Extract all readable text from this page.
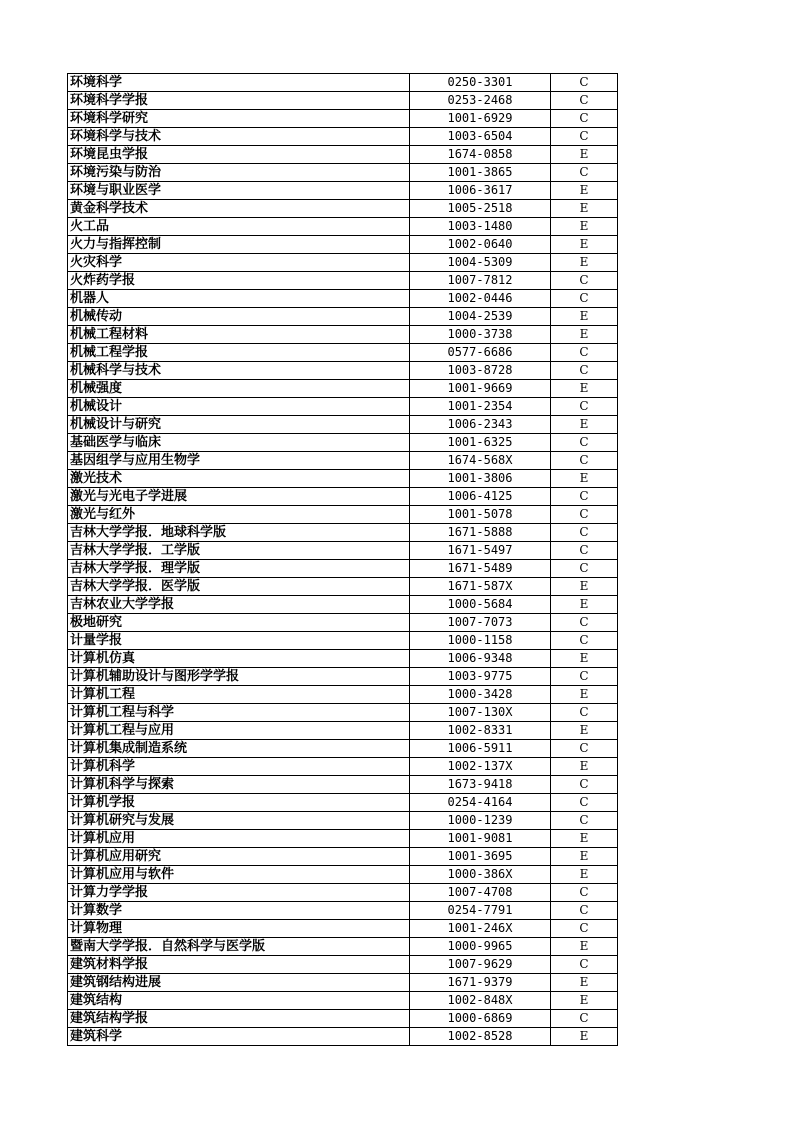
环境科学	0250-3301	C
环境科学学报	0253-2468	C
环境科学研究	1001-6929	C
环境科学与技术	1003-6504	C
环境昆虫学报	1674-0858	E
环境污染与防治	1001-3865	C
环境与职业医学	1006-3617	E
黄金科学技术	1005-2518	E
火工品	1003-1480	E
火力与指挥控制	1002-0640	E
火灾科学	1004-5309	E
火炸药学报	1007-7812	C
机器人	1002-0446	C
机械传动	1004-2539	E
机械工程材料	1000-3738	E
机械工程学报	0577-6686	C
机械科学与技术	1003-8728	C
机械强度	1001-9669	E
机械设计	1001-2354	C
机械设计与研究	1006-2343	E
基础医学与临床	1001-6325	C
基因组学与应用生物学	1674-568X	C
激光技术	1001-3806	E
激光与光电子学进展	1006-4125	C
激光与红外	1001-5078	C
吉林大学学报．地球科学版	1671-5888	C
吉林大学学报．工学版	1671-5497	C
吉林大学学报．理学版	1671-5489	C
吉林大学学报．医学版	1671-587X	E
吉林农业大学学报	1000-5684	E
极地研究	1007-7073	C
计量学报	1000-1158	C
计算机仿真	1006-9348	E
计算机辅助设计与图形学学报	1003-9775	C
计算机工程	1000-3428	E
计算机工程与科学	1007-130X	C
计算机工程与应用	1002-8331	E
计算机集成制造系统	1006-5911	C
计算机科学	1002-137X	E
计算机科学与探索	1673-9418	C
计算机学报	0254-4164	C
计算机研究与发展	1000-1239	C
计算机应用	1001-9081	E
计算机应用研究	1001-3695	E
计算机应用与软件	1000-386X	E
计算力学学报	1007-4708	C
计算数学	0254-7791	C
计算物理	1001-246X	C
暨南大学学报．自然科学与医学版	1000-9965	E
建筑材料学报	1007-9629	C
建筑钢结构进展	1671-9379	E
建筑结构	1002-848X	E
建筑结构学报	1000-6869	C
建筑科学	1002-8528	E
